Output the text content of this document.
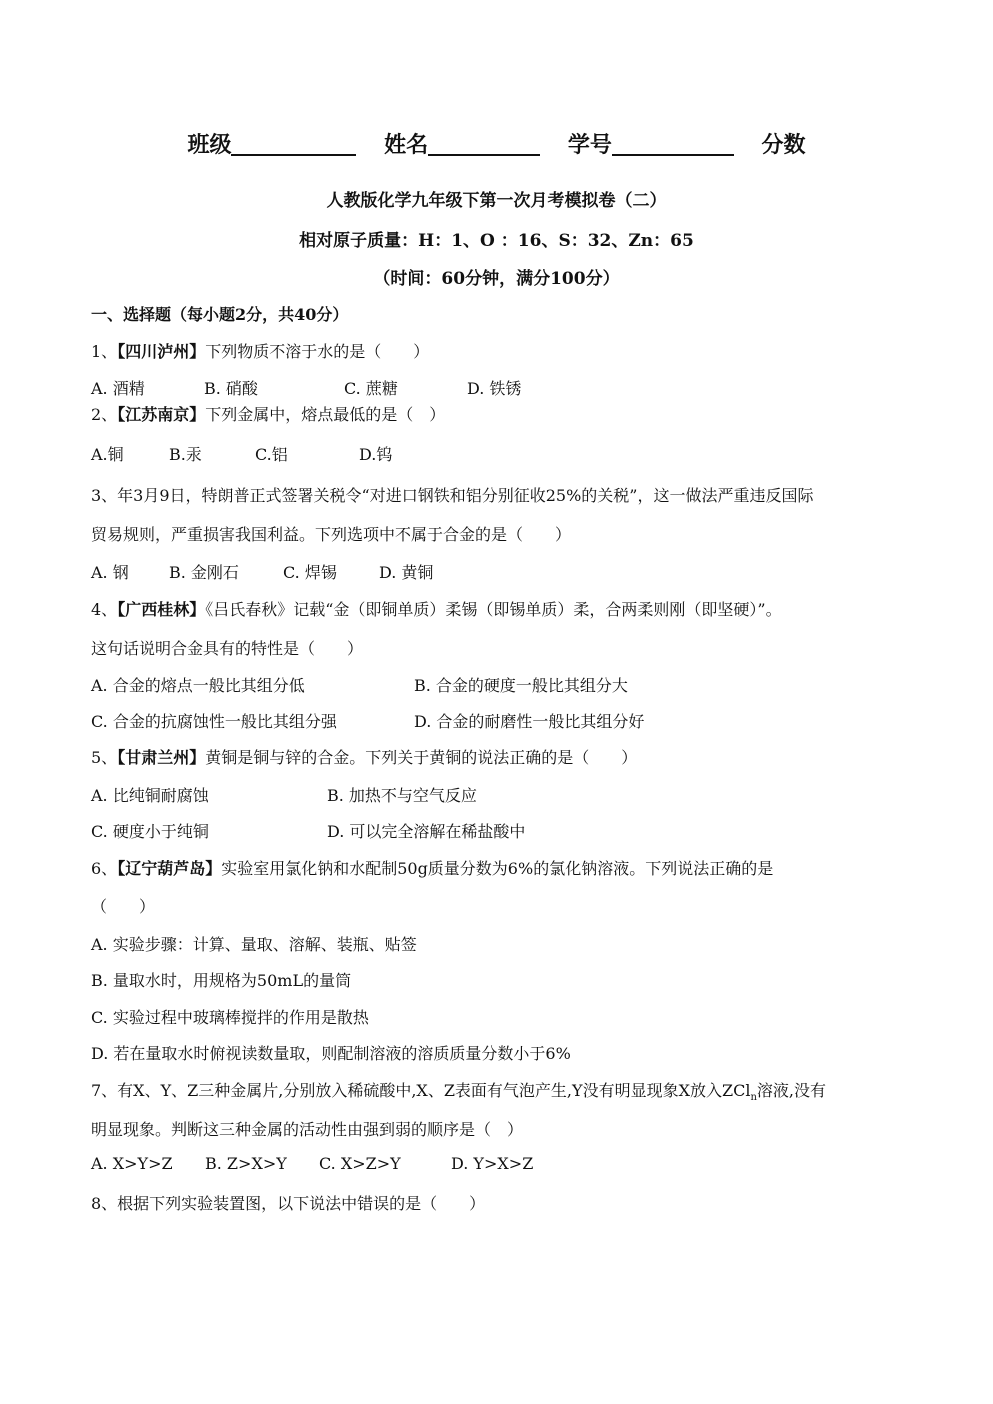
班级	姓名	学号	分数
人教版化学九年级下第一次月考模拟卷（二）
相对原子质量：H：1、O ：16、S：32、Zn：65
（时间：60分钟，满分100分）
一、选择题（每小题2分，共40分）
1、【四川泸州】下列物质不溶于水的是（　　）
A. 酒精	B. 硝酸	C. 蔗糖	D. 铁锈
2、【江苏南京】下列金属中，熔点最低的是（　）
A.铜	B.汞	C.铝	D.钨
3、年3月9日，特朗普正式签署关税令“对进口钢铁和铝分别征收25%的关税”，这一做法严重违反国际
贸易规则，严重损害我国利益。下列选项中不属于合金的是（　　）
A. 钢	B. 金刚石	C. 焊锡	D. 黄铜
4、【广西桂林】《吕氏春秋》记载“金（即铜单质）柔锡（即锡单质）柔，合两柔则刚（即坚硬）”。
这句话说明合金具有的特性是（　　）
A. 合金的熔点一般比其组分低	B. 合金的硬度一般比其组分大
C. 合金的抗腐蚀性一般比其组分强	D. 合金的耐磨性一般比其组分好
5、【甘肃兰州】黄铜是铜与锌的合金。下列关于黄铜的说法正确的是（　　）
A. 比纯铜耐腐蚀	B. 加热不与空气反应
C. 硬度小于纯铜	D. 可以完全溶解在稀盐酸中
6、【辽宁葫芦岛】实验室用氯化钠和水配制50g质量分数为6%的氯化钠溶液。下列说法正确的是
（　　）
A. 实验步骤：计算、量取、溶解、装瓶、贴签
B. 量取水时，用规格为50mL的量筒
C. 实验过程中玻璃棒搅拌的作用是散热
D. 若在量取水时俯视读数量取，则配制溶液的溶质质量分数小于6%
7、有X、Y、Z三种金属片,分别放入稀硫酸中,X、Z表面有气泡产生,Y没有明显现象X放入ZCl$_n$溶液,没有
明显现象。判断这三种金属的活动性由强到弱的顺序是（　）
A. X>Y>Z B. Z>X>Y C. X>Z>Y	D. Y>X>Z
8、根据下列实验装置图，以下说法中错误的是（　　）
